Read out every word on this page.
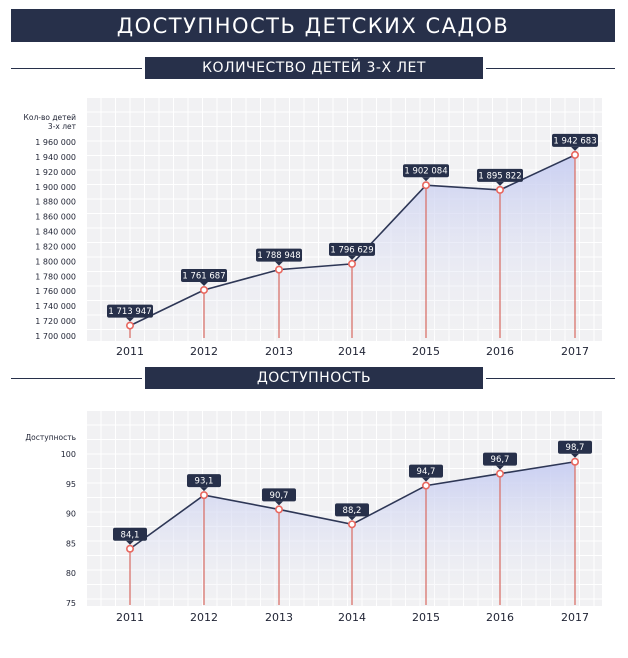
ДОСТУПНОСТЬ ДЕТСКИХ САДОВ
КОЛИЧЕСТВО ДЕТЕЙ 3-Х ЛЕТ
Кол-во детей
3-х лет
1 700 000
1 720 000
1 740 000
1 760 000
1 780 000
1 800 000
1 820 000
1 840 000
1 860 000
1 880 000
1 900 000
1 920 000
1 940 000
1 960 000
1 713 947
1 761 687
1 788 948
1 796 629
1 902 084	1 895 822
1 942 683
2011	2012	2013	2014	2015	2016	2017
ДОСТУПНОСТЬ
Доступность
75
80
85
90
95
100
84,1
93,1
90,7
88,2
94,7
96,7
98,7
2011	2012	2013	2014	2015	2016	2017
